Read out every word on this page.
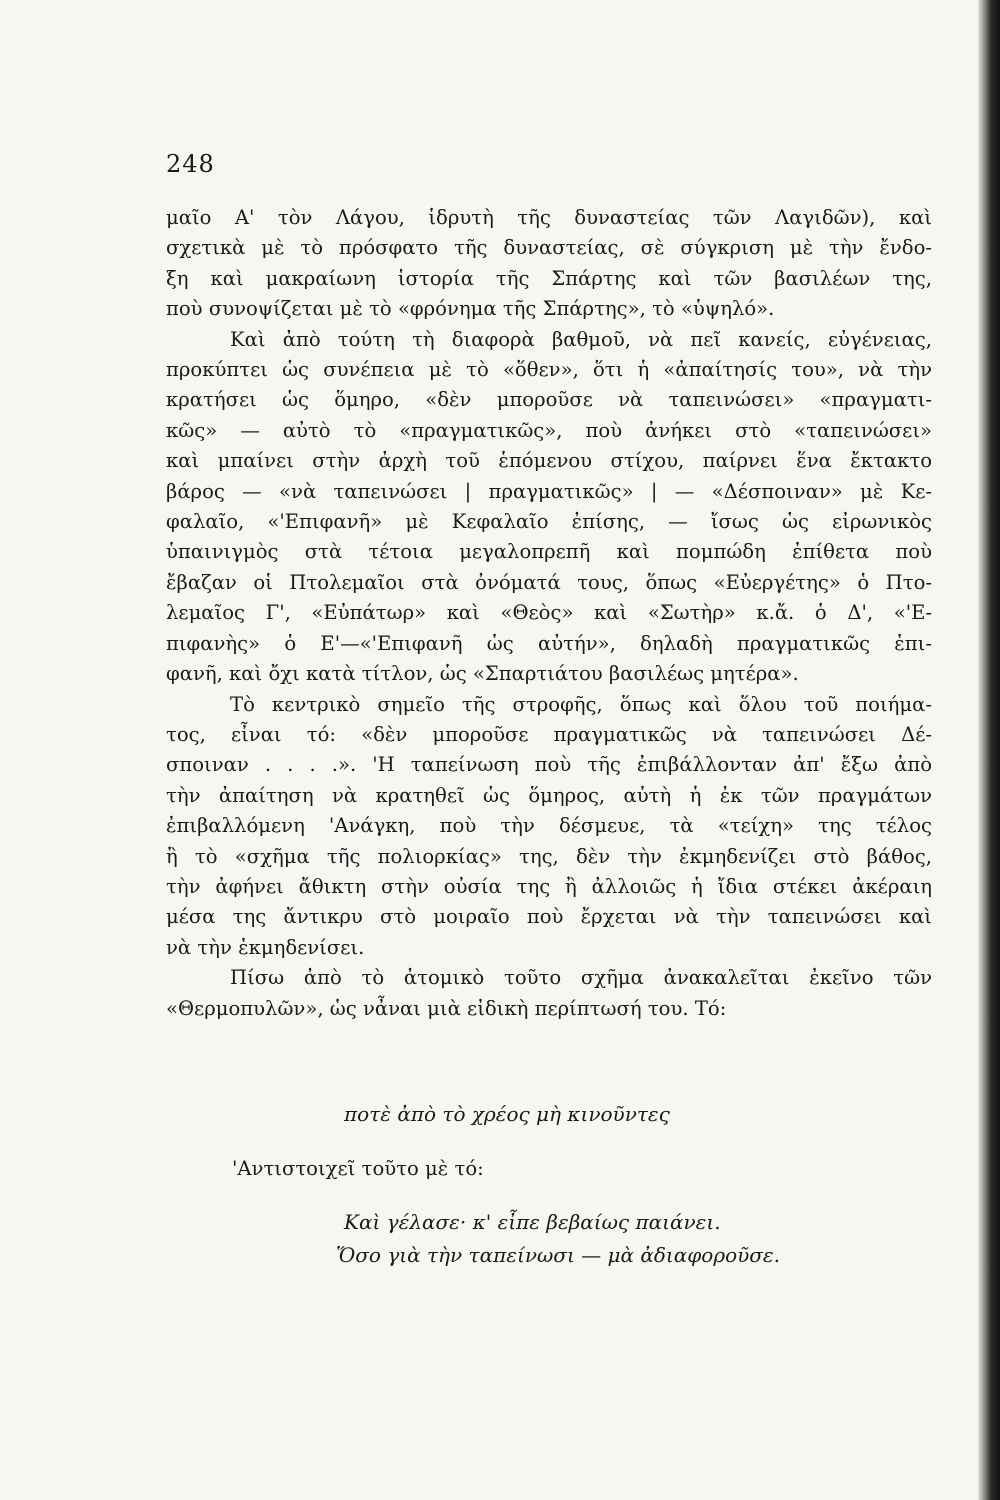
248
μαῖο Α' τὸν Λάγου, ἱδρυτὴ τῆς δυναστείας τῶν Λαγιδῶν), καὶ
σχετικὰ μὲ τὸ πρόσφατο τῆς δυναστείας, σὲ σύγκριση μὲ τὴν ἔνδο-
ξη καὶ μακραίωνη ἱστορία τῆς Σπάρτης καὶ τῶν βασιλέων της,
ποὺ συνοψίζεται μὲ τὸ «φρόνημα τῆς Σπάρτης», τὸ «ὑψηλό».
Καὶ ἀπὸ τούτη τὴ διαφορὰ βαθμοῦ, νὰ πεῖ κανείς, εὐγένειας,
προκύπτει ὡς συνέπεια μὲ τὸ «ὅθεν», ὅτι ἡ «ἀπαίτησίς του», νὰ τὴν
κρατήσει ὡς ὅμηρο, «δὲν μποροῦσε νὰ ταπεινώσει» «πραγματι-
κῶς» — αὐτὸ τὸ «πραγματικῶς», ποὺ ἀνήκει στὸ «ταπεινώσει»
καὶ μπαίνει στὴν ἀρχὴ τοῦ ἑπόμενου στίχου, παίρνει ἕνα ἔκτακτο
βάρος — «νὰ ταπεινώσει | πραγματικῶς» | — «Δέσποιναν» μὲ Κε-
φαλαῖο, «'Επιφανῆ» μὲ Κεφαλαῖο ἐπίσης, — ἴσως ὡς εἰρωνικὸς
ὑπαινιγμὸς στὰ τέτοια μεγαλοπρεπῆ καὶ πομπώδη ἐπίθετα ποὺ
ἔβαζαν οἱ Πτολεμαῖοι στὰ ὀνόματά τους, ὅπως «Εὐεργέτης» ὁ Πτο-
λεμαῖος Γ', «Εὐπάτωρ» καὶ «Θεὸς» καὶ «Σωτὴρ» κ.ἄ. ὁ Δ', «'Ε-
πιφανὴς» ὁ Ε'—«'Επιφανῆ ὡς αὐτήν», δηλαδὴ πραγματικῶς ἐπι-
φανῆ, καὶ ὄχι κατὰ τίτλον, ὡς «Σπαρτιάτου βασιλέως μητέρα».
Τὸ κεντρικὸ σημεῖο τῆς στροφῆς, ὅπως καὶ ὅλου τοῦ ποιήμα-
τος, εἶναι τό: «δὲν μποροῦσε πραγματικῶς νὰ ταπεινώσει Δέ-
σποιναν . . . .». 'Η ταπείνωση ποὺ τῆς ἐπιβάλλονταν ἀπ' ἔξω ἀπὸ
τὴν ἀπαίτηση νὰ κρατηθεῖ ὡς ὅμηρος, αὐτὴ ἡ ἐκ τῶν πραγμάτων
ἐπιβαλλόμενη 'Ανάγκη, ποὺ τὴν δέσμευε, τὰ «τείχη» της τέλος
ἢ τὸ «σχῆμα τῆς πολιορκίας» της, δὲν τὴν ἐκμηδενίζει στὸ βάθος,
τὴν ἀφήνει ἄθικτη στὴν οὐσία της ἢ ἀλλοιῶς ἡ ἴδια στέκει ἀκέραιη
μέσα της ἄντικρυ στὸ μοιραῖο ποὺ ἔρχεται νὰ τὴν ταπεινώσει καὶ
νὰ τὴν ἐκμηδενίσει.
Πίσω ἀπὸ τὸ ἀτομικὸ τοῦτο σχῆμα ἀνακαλεῖται ἐκεῖνο τῶν
«Θερμοπυλῶν», ὡς νἆναι μιὰ εἰδικὴ περίπτωσή του. Τό:
ποτὲ ἀπὸ τὸ χρέος μὴ κινοῦντες
'Αντιστοιχεῖ τοῦτο μὲ τό:
Καὶ γέλασε· κ' εἶπε βεβαίως παιάνει.
Ὅσο γιὰ τὴν ταπείνωσι — μὰ ἀδιαφοροῦσε.
